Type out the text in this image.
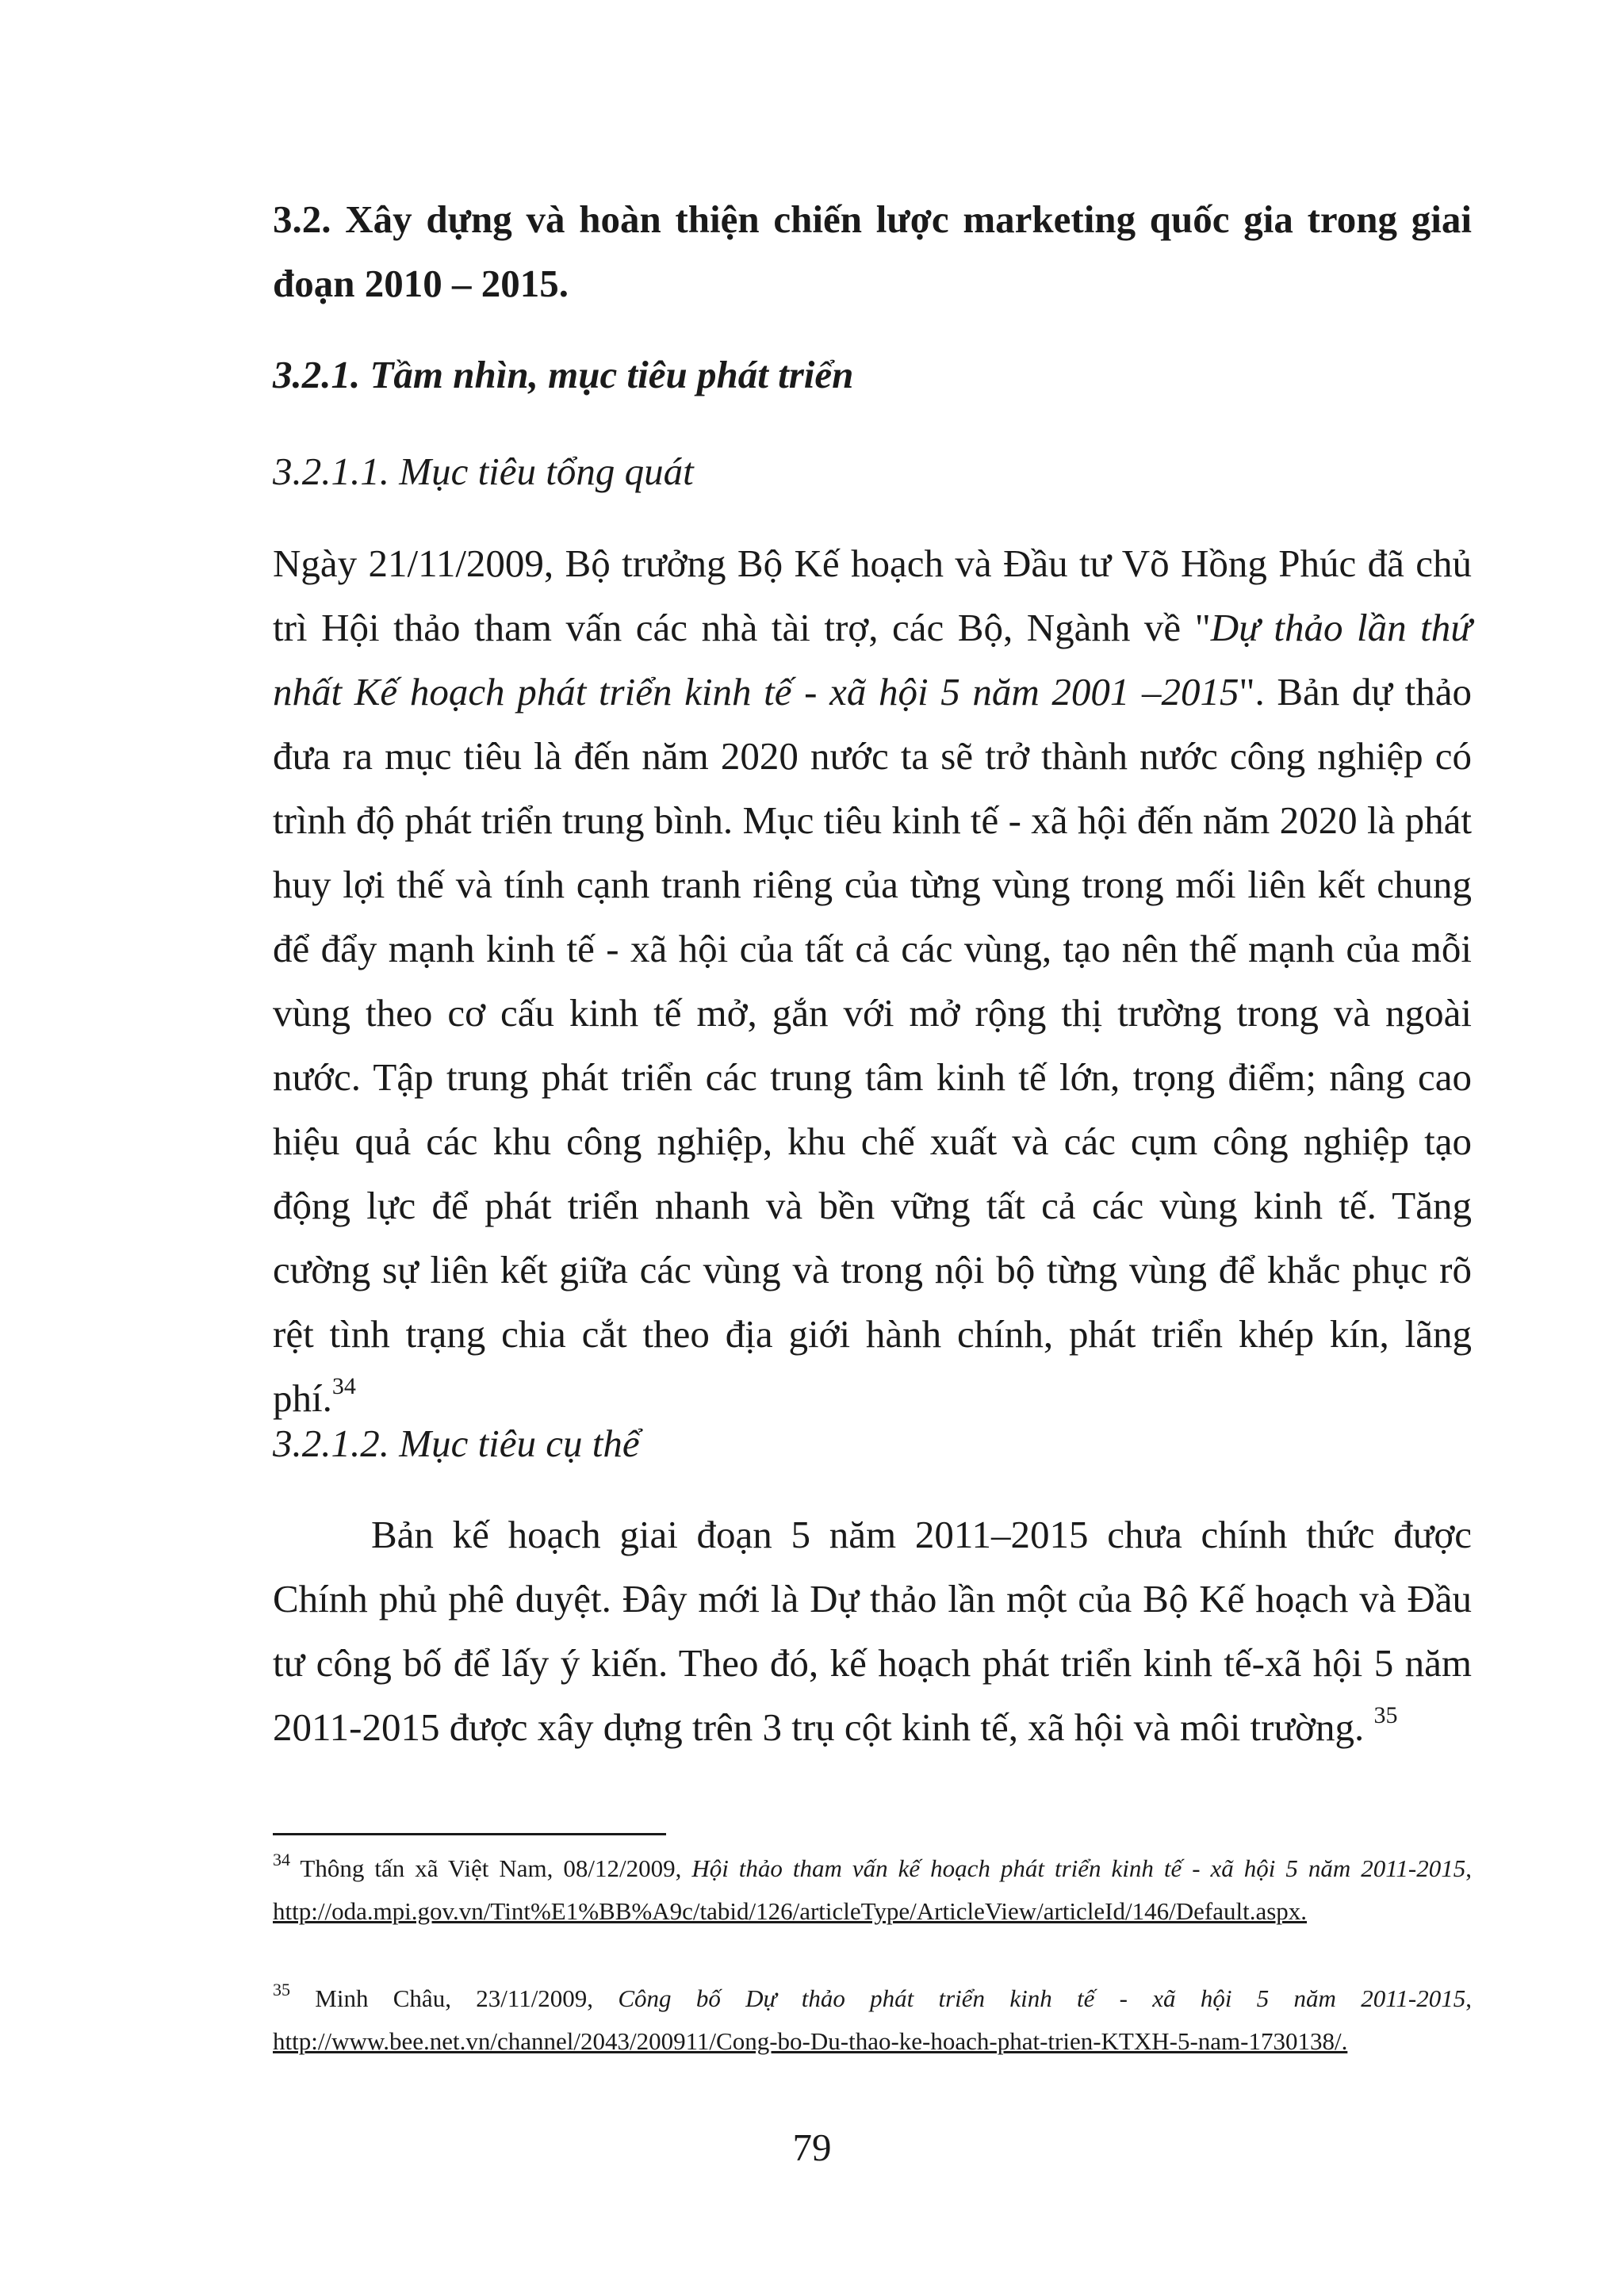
3.2. Xây dựng và hoàn thiện chiến lược marketing quốc gia trong giai đoạn 2010 – 2015.
3.2.1. Tầm nhìn, mục tiêu phát triển
3.2.1.1. Mục tiêu tổng quát
Ngày 21/11/2009, Bộ trưởng Bộ Kế hoạch và Đầu tư Võ Hồng Phúc đã chủ trì Hội thảo tham vấn các nhà tài trợ, các Bộ, Ngành về "Dự thảo lần thứ nhất Kế hoạch phát triển kinh tế - xã hội 5 năm 2001 –2015". Bản dự thảo đưa ra mục tiêu là đến năm 2020 nước ta sẽ trở thành nước công nghiệp có trình độ phát triển trung bình. Mục tiêu kinh tế - xã hội đến năm 2020 là phát huy lợi thế và tính cạnh tranh riêng của từng vùng trong mối liên kết chung để đẩy mạnh kinh tế - xã hội của tất cả các vùng, tạo nên thế mạnh của mỗi vùng theo cơ cấu kinh tế mở, gắn với mở rộng thị trường trong và ngoài nước. Tập trung phát triển các trung tâm kinh tế lớn, trọng điểm; nâng cao hiệu quả các khu công nghiệp, khu chế xuất và các cụm công nghiệp tạo động lực để phát triển nhanh và bền vững tất cả các vùng kinh tế. Tăng cường sự liên kết giữa các vùng và trong nội bộ từng vùng để khắc phục rõ rệt tình trạng chia cắt theo địa giới hành chính, phát triển khép kín, lãng phí.$^{34}$
3.2.1.2. Mục tiêu cụ thể
Bản kế hoạch giai đoạn 5 năm 2011–2015 chưa chính thức được Chính phủ phê duyệt. Đây mới là Dự thảo lần một của Bộ Kế hoạch và Đầu tư công bố để lấy ý kiến. Theo đó, kế hoạch phát triển kinh tế-xã hội 5 năm 2011-2015 được xây dựng trên 3 trụ cột kinh tế, xã hội và môi trường. $^{35}$
$^{34}$ Thông tấn xã Việt Nam, 08/12/2009, Hội thảo tham vấn kế hoạch phát triển kinh tế - xã hội 5 năm 2011-2015, http://oda.mpi.gov.vn/Tint%E1%BB%A9c/tabid/126/articleType/ArticleView/articleId/146/Default.aspx.
$^{35}$ Minh Châu, 23/11/2009, Công bố Dự thảo phát triển kinh tế - xã hội 5 năm 2011-2015, http://www.bee.net.vn/channel/2043/200911/Cong-bo-Du-thao-ke-hoach-phat-trien-KTXH-5-nam-1730138/.
79
